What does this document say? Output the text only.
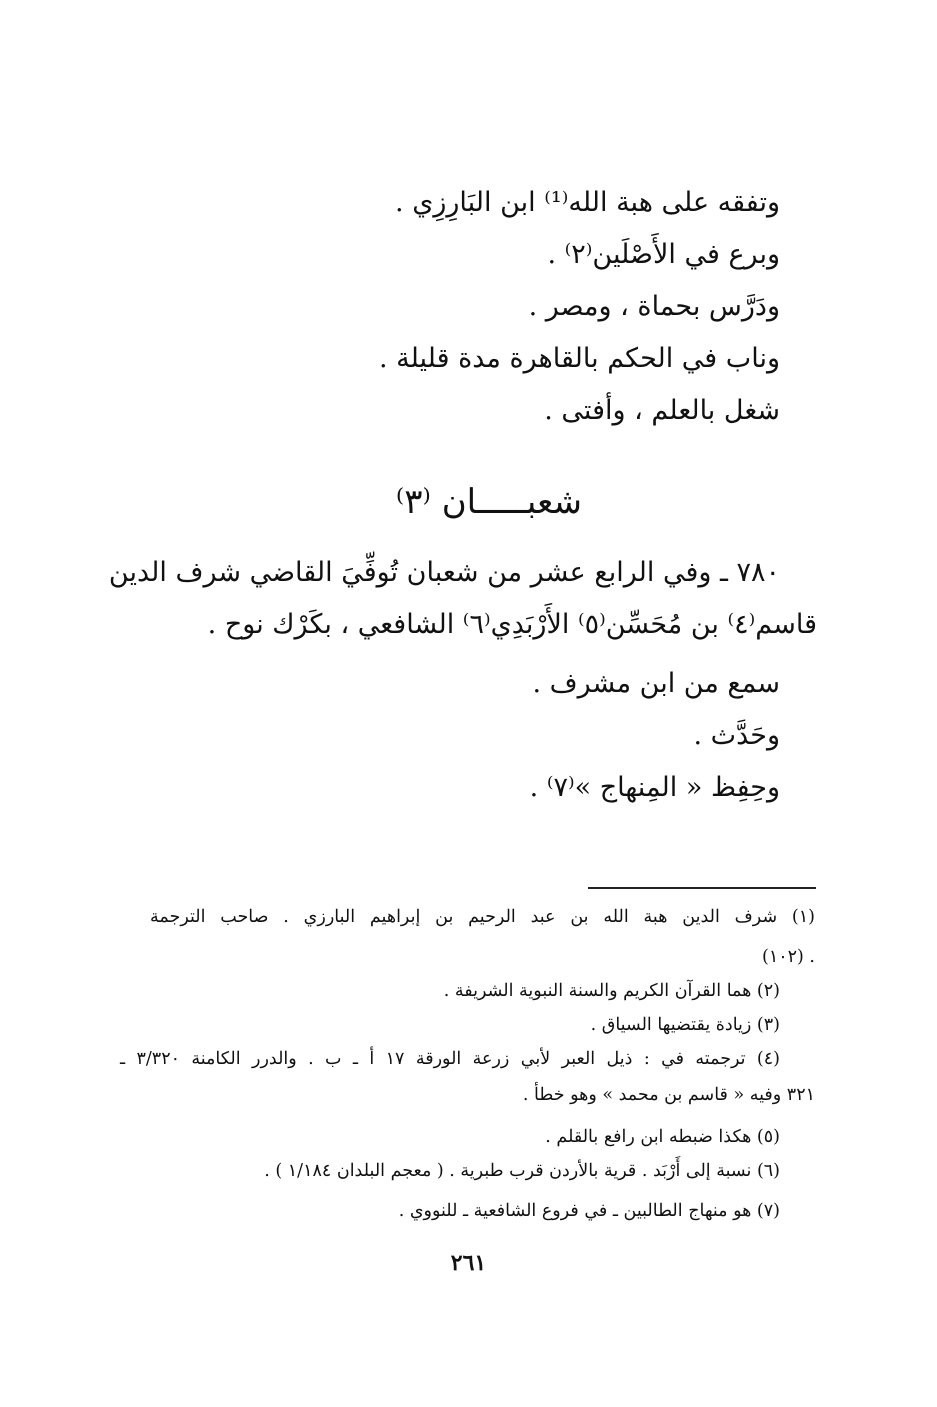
وتفقه على هبة الله⁽¹⁾ ابن البَارِزِي .
وبرع في الأَصْلَين⁽٢⁾ .
ودَرَّس بحماة ، ومصر .
وناب في الحكم بالقاهرة مدة قليلة .
شغل بالعلم ، وأفتى .
شعبـــــان ⁽٣⁾
٧٨٠ ـ وفي الرابع عشر من شعبان تُوفِّيَ القاضي شرف الدين
قاسم⁽٤⁾ بن مُحَسِّن⁽٥⁾ الأَرْبَدِي⁽٦⁾ الشافعي ، بكَرْك نوح .
سمع من ابن مشرف .
وحَدَّث .
وحِفِظ « المِنهاج »⁽٧⁾ .
(١) شرف الدين هبة الله بن عبد الرحيم بن إبراهيم البارزي . صاحب الترجمة
(١٠٢) .
(٢) هما القرآن الكريم والسنة النبوية الشريفة .
(٣) زيادة يقتضيها السياق .
(٤) ترجمته في : ذيل العبر لأبي زرعة الورقة ١٧ أ ـ ب . والدرر الكامنة ٣/٣٢٠ ـ
٣٢١ وفيه « قاسم بن محمد » وهو خطأ .
(٥) هكذا ضبطه ابن رافع بالقلم .
(٦) نسبة إلى أَرْبَد . قرية بالأردن قرب طبرية . ( معجم البلدان ١/١٨٤ ) .
(٧) هو منهاج الطالبين ـ في فروع الشافعية ـ للنووي .
٢٦١
